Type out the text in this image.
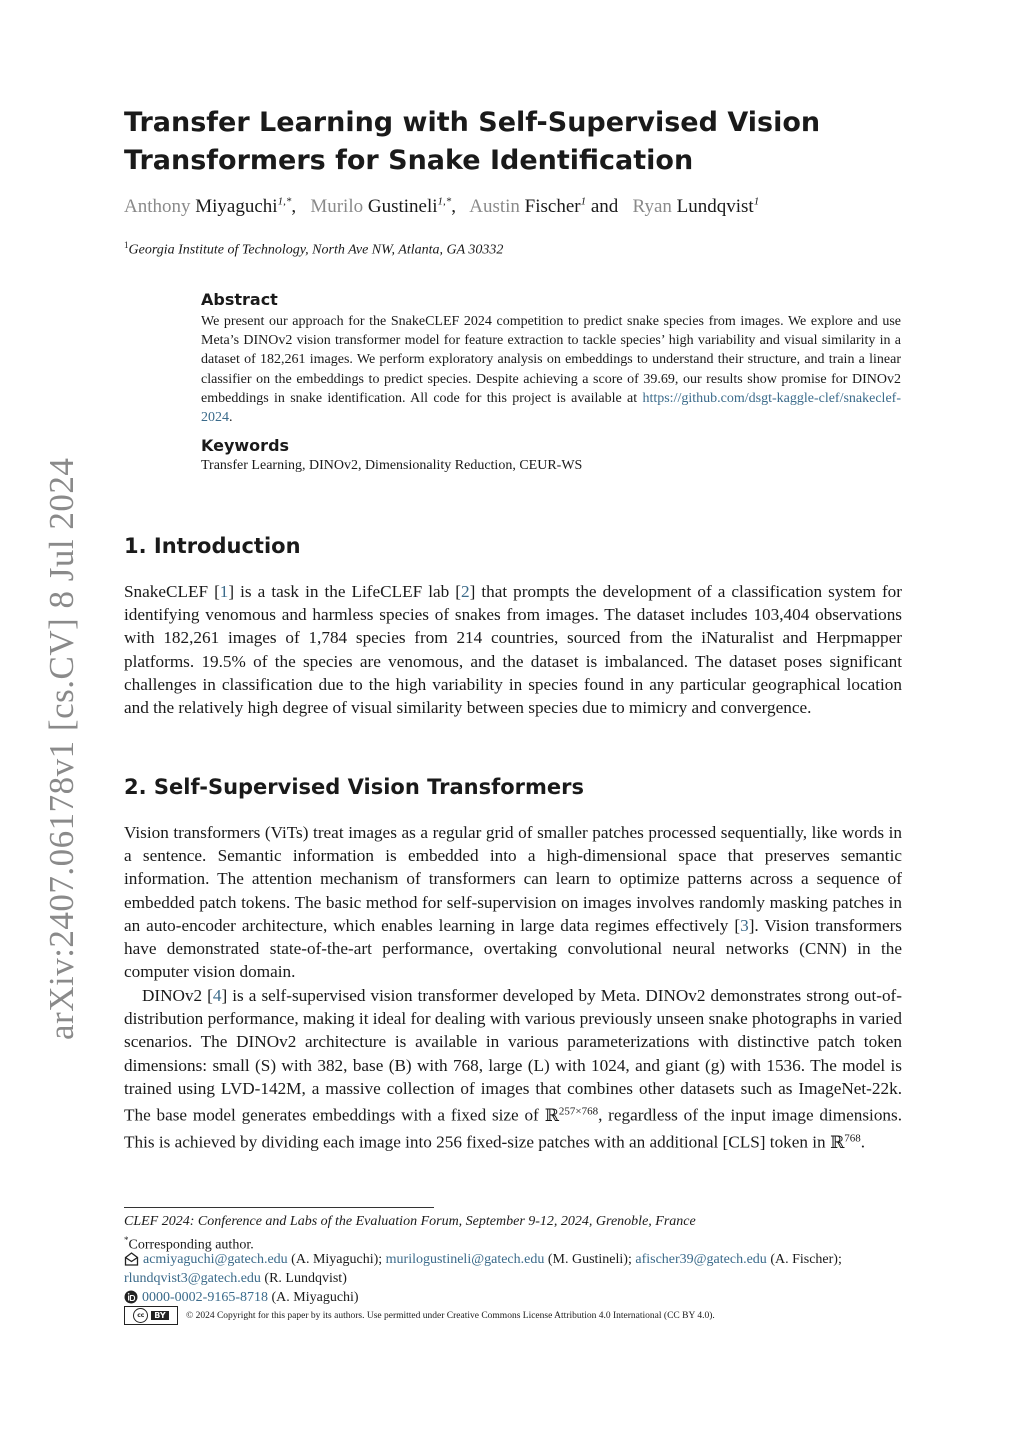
arXiv:2407.06178v1 [cs.CV] 8 Jul 2024
Transfer Learning with Self-Supervised Vision
Transformers for Snake Identification
Anthony Miyaguchi$^{1,*}$,   Murilo Gustineli$^{1,*}$,   Austin Fischer$^1$ and   Ryan Lundqvist$^1$
$^1$Georgia Institute of Technology, North Ave NW, Atlanta, GA 30332
Abstract

We present our approach for the SnakeCLEF 2024 competition to predict snake species from images. We explore and use Meta’s DINOv2 vision transformer model for feature extraction to tackle species’ high variability and visual similarity in a dataset of 182,261 images. We perform exploratory analysis on embeddings to understand their structure, and train a linear classifier on the embeddings to predict species. Despite achieving a score of 39.69, our results show promise for DINOv2 embeddings in snake identification. All code for this project is available at https://github.com/dsgt-kaggle-clef/snakeclef-2024.

Keywords

Transfer Learning, DINOv2, Dimensionality Reduction, CEUR-WS

1. Introduction

SnakeCLEF [1] is a task in the LifeCLEF lab [2] that prompts the development of a classification system for identifying venomous and harmless species of snakes from images. The dataset includes 103,404 observations with 182,261 images of 1,784 species from 214 countries, sourced from the iNaturalist and Herpmapper platforms. 19.5% of the species are venomous, and the dataset is imbalanced. The dataset poses significant challenges in classification due to the high variability in species found in any particular geographical location and the relatively high degree of visual similarity between species due to mimicry and convergence.

2. Self-Supervised Vision Transformers

Vision transformers (ViTs) treat images as a regular grid of smaller patches processed sequentially, like words in a sentence. Semantic information is embedded into a high-dimensional space that preserves semantic information. The attention mechanism of transformers can learn to optimize patterns across a sequence of embedded patch tokens. The basic method for self-supervision on images involves randomly masking patches in an auto-encoder architecture, which enables learning in large data regimes effectively [3]. Vision transformers have demonstrated state-of-the-art performance, overtaking convolutional neural networks (CNN) in the computer vision domain.

DINOv2 [4] is a self-supervised vision transformer developed by Meta. DINOv2 demonstrates strong out-of-distribution performance, making it ideal for dealing with various previously unseen snake photographs in varied scenarios. The DINOv2 architecture is available in various parameterizations with distinctive patch token dimensions: small (S) with 382, base (B) with 768, large (L) with 1024, and giant (g) with 1536. The model is trained using LVD-142M, a massive collection of images that combines other datasets such as ImageNet-22k. The base model generates embeddings with a fixed size of ℝ$^{257\times 768}$, regardless of the input image dimensions. This is achieved by dividing each image into 256 fixed-size patches with an additional [CLS] token in ℝ$^{768}$.

CLEF 2024: Conference and Labs of the Evaluation Forum, September 9-12, 2024, Grenoble, France

*Corresponding author.

acmiyaguchi@gatech.edu (A. Miyaguchi); murilogustineli@gatech.edu (M. Gustineli); afischer39@gatech.edu (A. Fischer);
rlundqvist3@gatech.edu (R. Lundqvist)

0000-0002-9165-8718 (A. Miyaguchi)

cc	BY	© 2024 Copyright for this paper by its authors. Use permitted under Creative Commons License Attribution 4.0 International (CC BY 4.0).
